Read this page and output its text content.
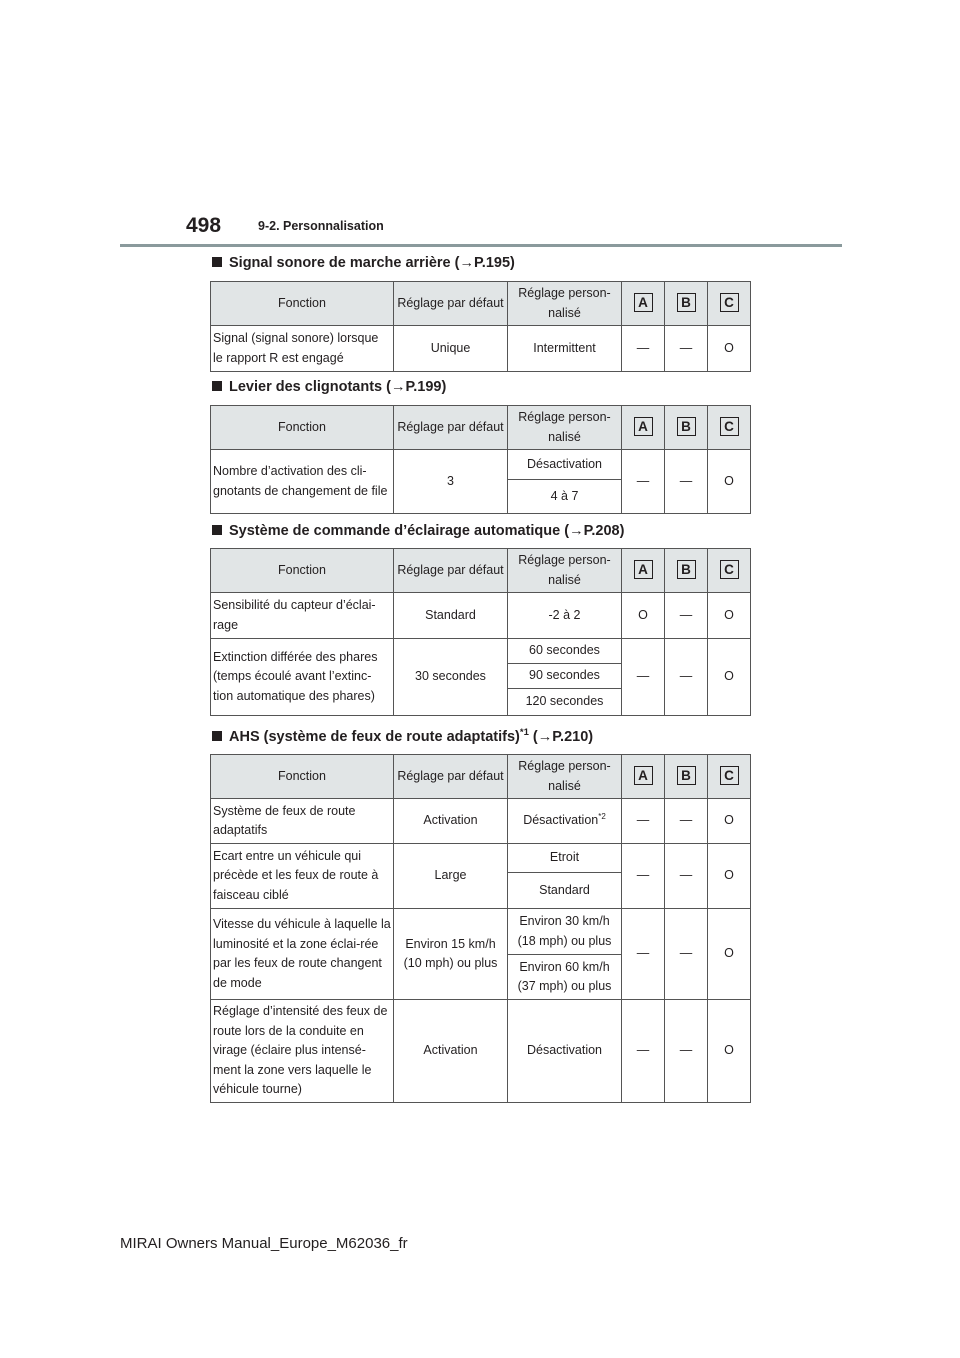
498	9-2. Personnalisation
Signal sonore de marche arrière (→P.195)
Fonction	Réglage par défaut	Réglage person-nalisé	A	B	C
Signal (signal sonore) lorsque le rapport R est engagé	Unique	Intermittent	—	—	O
Levier des clignotants (→P.199)
Fonction	Réglage par défaut	Réglage person-nalisé	A	B	C
Nombre d’activation des cli-gnotants de changement de file	3	Désactivation	—	—	O
		4 à 7			
Système de commande d’éclairage automatique (→P.208)
Fonction	Réglage par défaut	Réglage person-nalisé	A	B	C
Sensibilité du capteur d’éclai-rage	Standard	-2 à 2	O	—	O
Extinction différée des phares (temps écoulé avant l’extinc-tion automatique des phares)	30 secondes	60 secondes	—	—	O
		90 secondes			
		120 secondes			
AHS (système de feux de route adaptatifs)$^{*1}$ (→P.210)
Fonction	Réglage par défaut	Réglage person-nalisé	A	B	C
Système de feux de route adaptatifs	Activation	Désactivation$^{*2}$	—	—	O
Ecart entre un véhicule qui précède et les feux de route à faisceau ciblé	Large	Etroit	—	—	O
		Standard			
Vitesse du véhicule à laquelle la luminosité et la zone éclai-rée par les feux de route changent de mode	Environ 15 km/h (10 mph) ou plus	Environ 30 km/h (18 mph) ou plus	—	—	O
		Environ 60 km/h (37 mph) ou plus			
Réglage d’intensité des feux de route lors de la conduite en virage (éclaire plus intensé-ment la zone vers laquelle le véhicule tourne)	Activation	Désactivation	—	—	O
MIRAI Owners Manual_Europe_M62036_fr
